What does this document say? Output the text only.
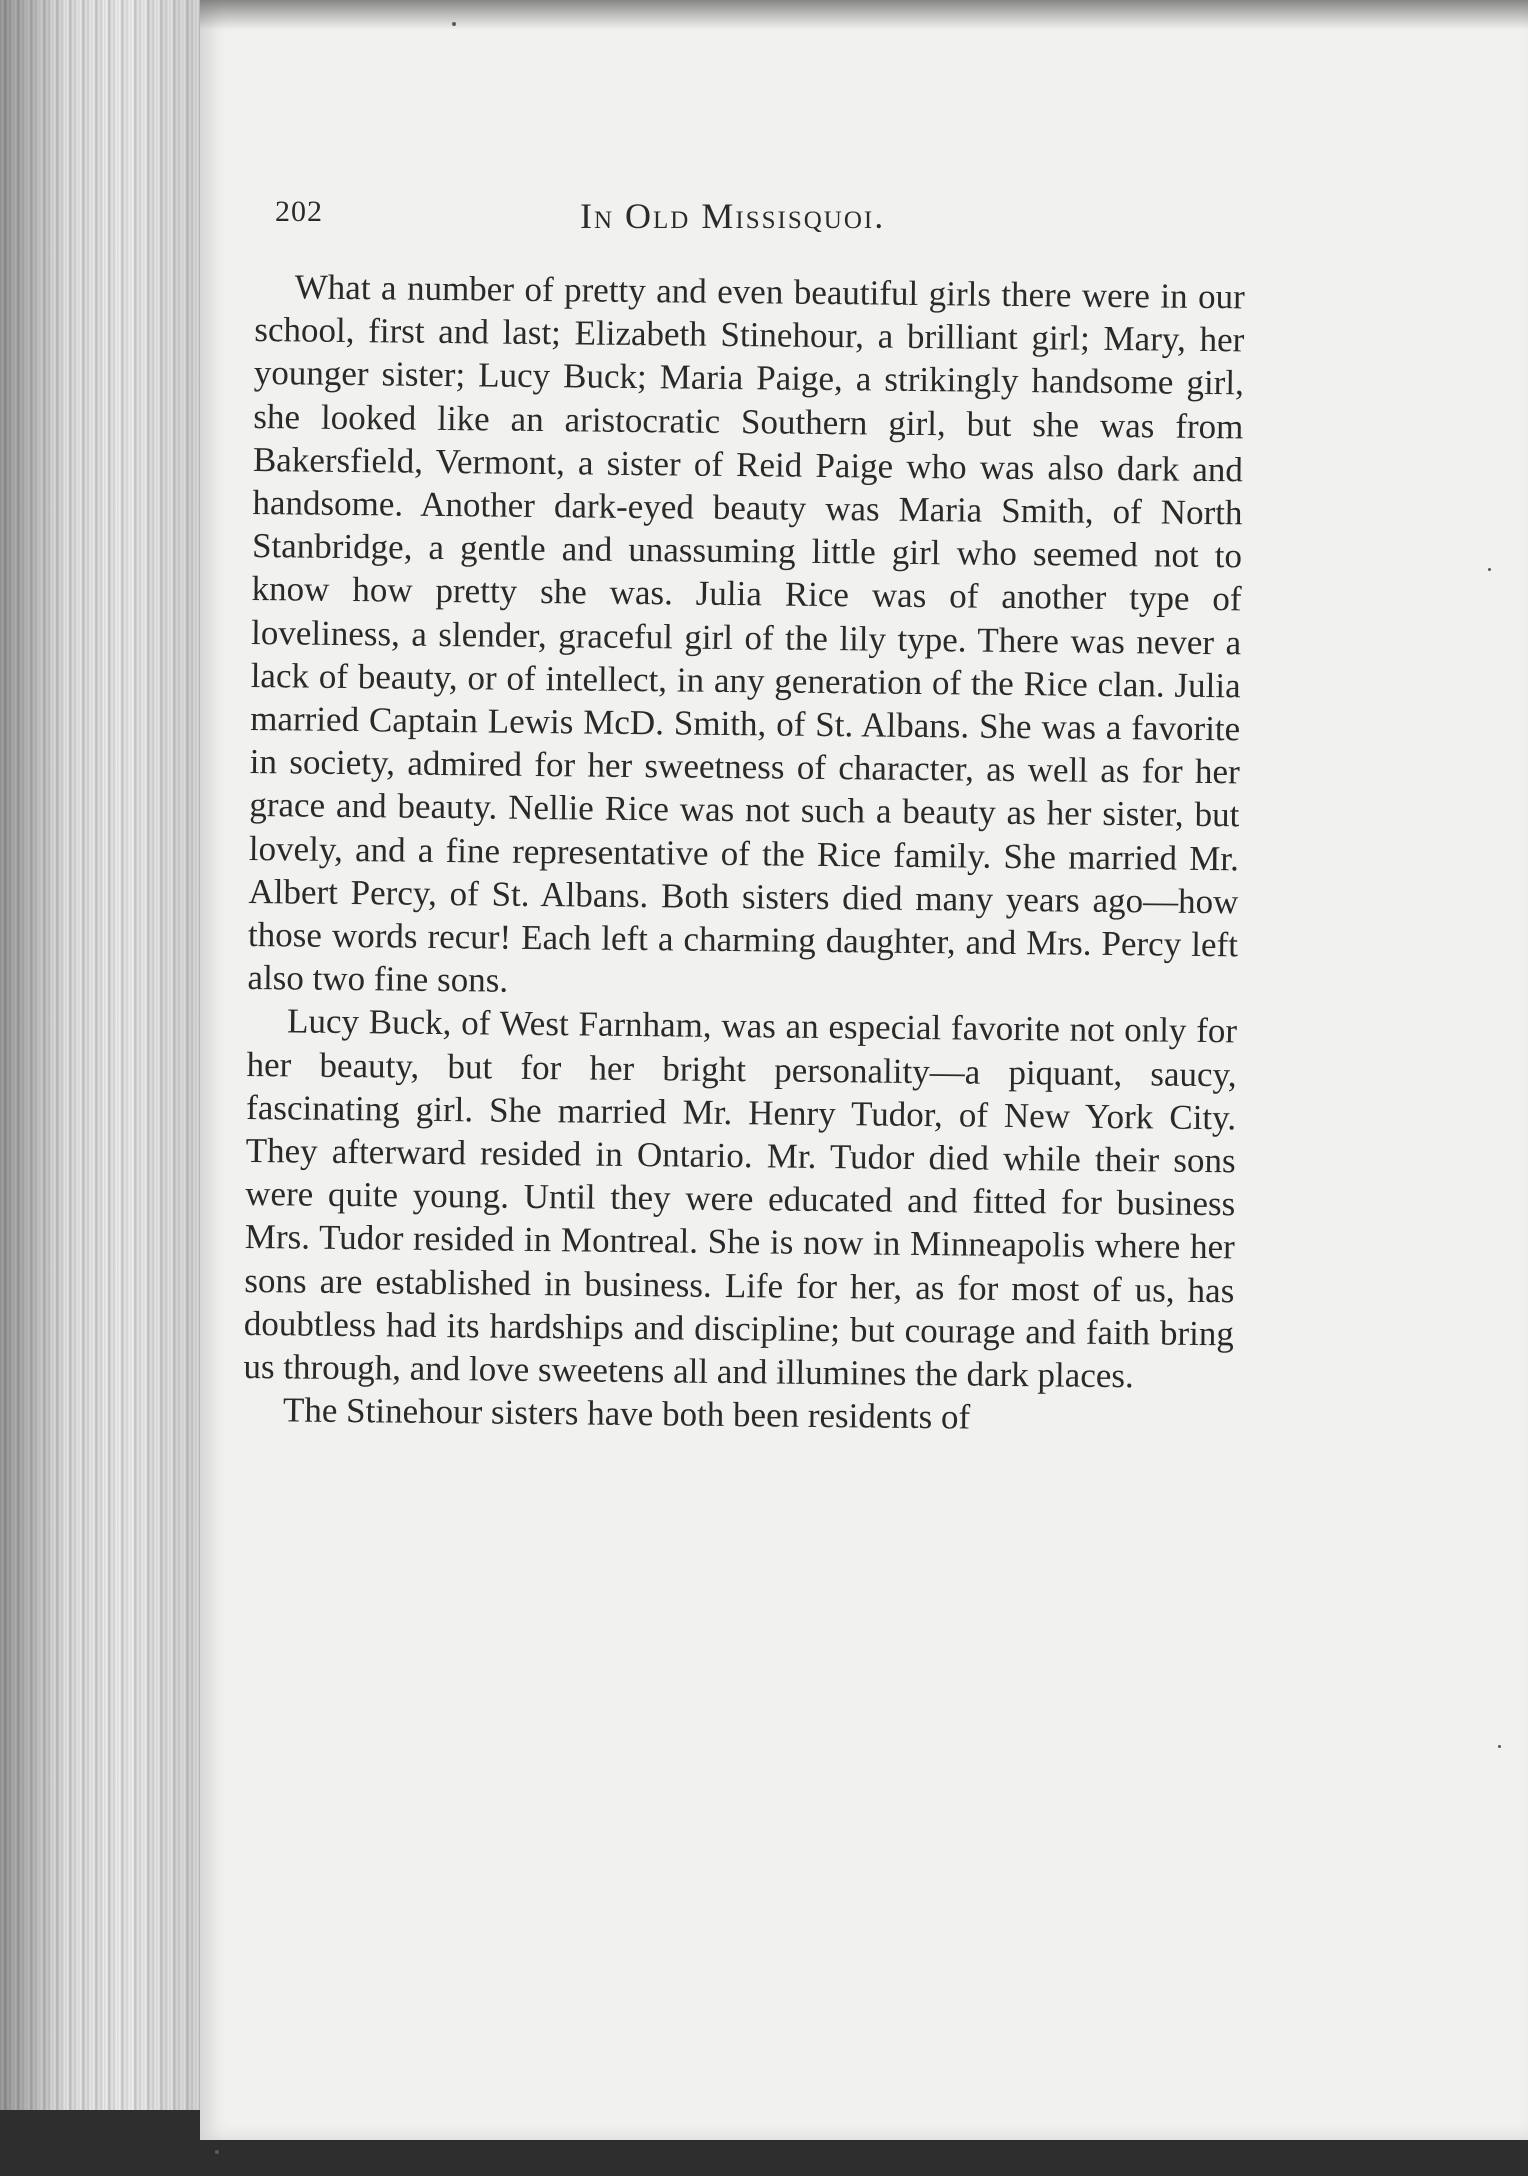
202	In Old Missisquoi.

What a number of pretty and even beautiful girls there were in our school, first and last; Elizabeth Stinehour, a brilliant girl; Mary, her younger sister; Lucy Buck; Maria Paige, a strikingly handsome girl, she looked like an aristocratic Southern girl, but she was from Bakersfield, Vermont, a sister of Reid Paige who was also dark and handsome. Another dark-eyed beauty was Maria Smith, of North Stanbridge, a gentle and unassuming little girl who seemed not to know how pretty she was. Julia Rice was of another type of loveliness, a slender, graceful girl of the lily type. There was never a lack of beauty, or of intellect, in any generation of the Rice clan. Julia married Captain Lewis McD. Smith, of St. Albans. She was a favorite in society, admired for her sweetness of character, as well as for her grace and beauty. Nellie Rice was not such a beauty as her sister, but lovely, and a fine representative of the Rice family. She married Mr. Albert Percy, of St. Albans. Both sisters died many years ago—how those words recur! Each left a charming daughter, and Mrs. Percy left also two fine sons.

Lucy Buck, of West Farnham, was an especial favorite not only for her beauty, but for her bright personality—a piquant, saucy, fascinating girl. She married Mr. Henry Tudor, of New York City. They afterward resided in Ontario. Mr. Tudor died while their sons were quite young. Until they were educated and fitted for business Mrs. Tudor resided in Montreal. She is now in Minneapolis where her sons are established in business. Life for her, as for most of us, has doubtless had its hardships and discipline; but courage and faith bring us through, and love sweetens all and illumines the dark places.

The Stinehour sisters have both been residents of
